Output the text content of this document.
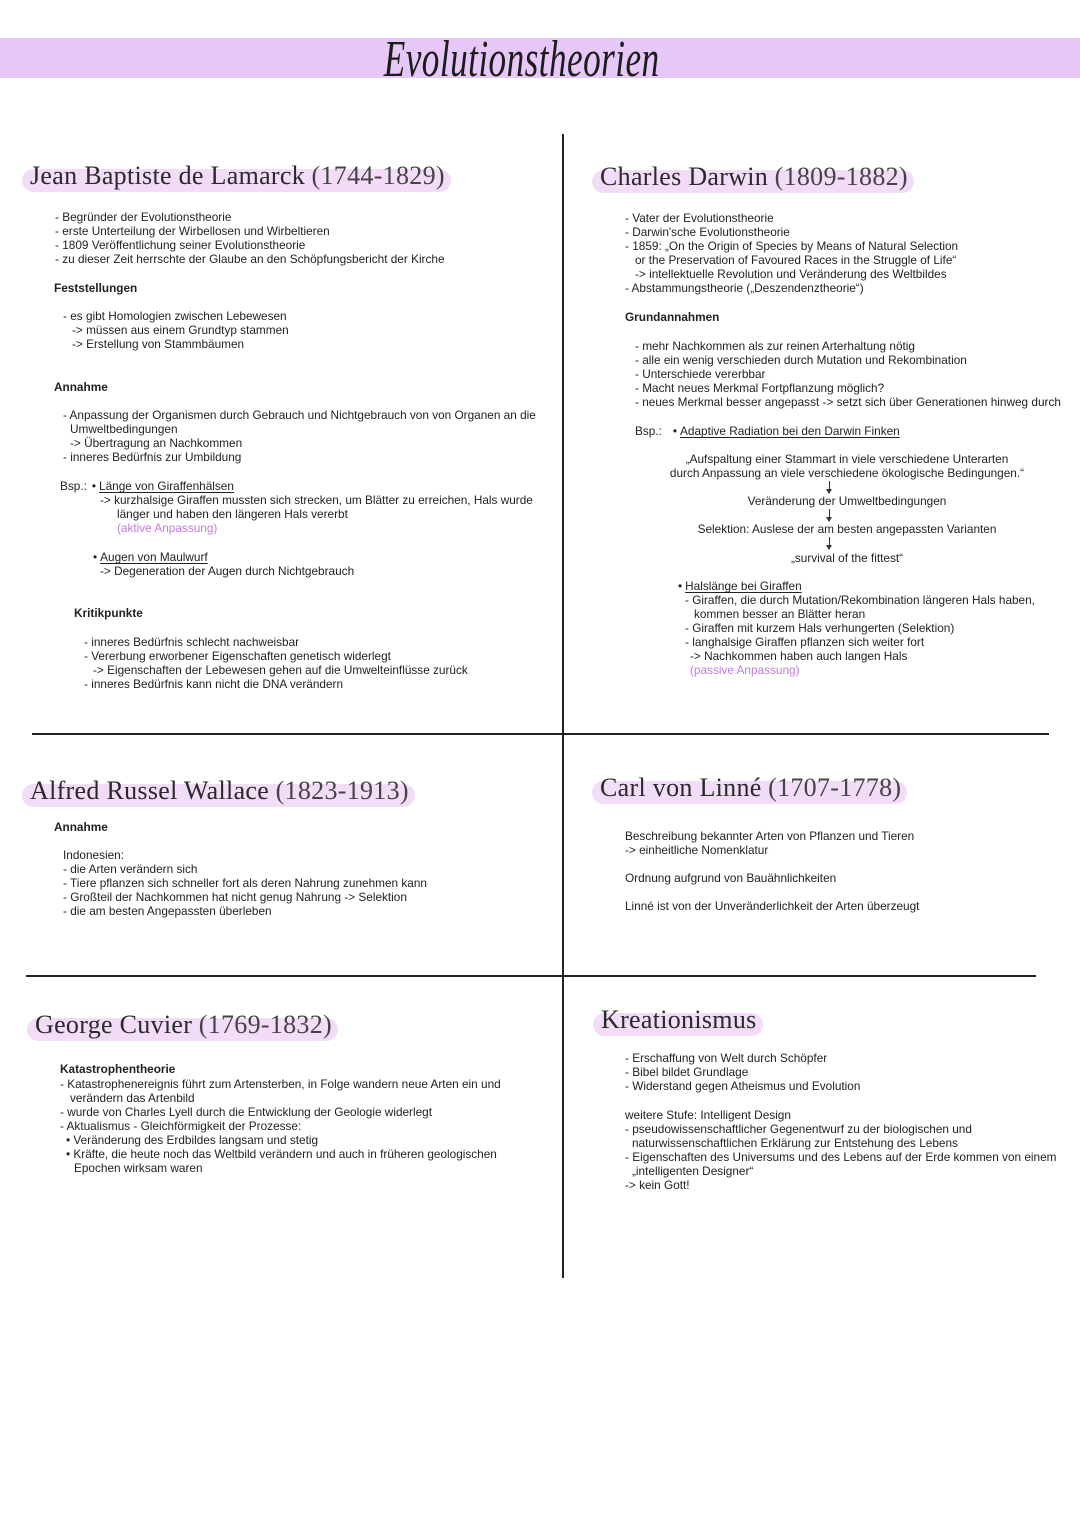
Evolutionstheorien
Jean Baptiste de Lamarck (1744-1829)
- Begründer der Evolutionstheorie
- erste Unterteilung der Wirbellosen und Wirbeltieren
- 1809 Veröffentlichung seiner Evolutionstheorie
- zu dieser Zeit herrschte der Glaube an den Schöpfungsbericht der Kirche
Feststellungen
- es gibt Homologien zwischen Lebewesen
-> müssen aus einem Grundtyp stammen
-> Erstellung von Stammbäumen
Annahme
- Anpassung der Organismen durch Gebrauch und Nichtgebrauch von von Organen an die
Umweltbedingungen
-> Übertragung an Nachkommen
- inneres Bedürfnis zur Umbildung
Bsp.: • Länge von Giraffenhälsen
-> kurzhalsige Giraffen mussten sich strecken, um Blätter zu erreichen, Hals wurde
länger und haben den längeren Hals vererbt
(aktive Anpassung)
• Augen von Maulwurf
-> Degeneration der Augen durch Nichtgebrauch
Kritikpunkte
- inneres Bedürfnis schlecht nachweisbar
- Vererbung erworbener Eigenschaften genetisch widerlegt
-> Eigenschaften der Lebewesen gehen auf die Umwelteinflüsse zurück
- inneres Bedürfnis kann nicht die DNA verändern
Charles Darwin (1809-1882)
- Vater der Evolutionstheorie
- Darwin'sche Evolutionstheorie
- 1859: „On the Origin of Species by Means of Natural Selection
or the Preservation of Favoured Races in the Struggle of Life“
-> intellektuelle Revolution und Veränderung des Weltbildes
- Abstammungstheorie („Deszendenztheorie“)
Grundannahmen
- mehr Nachkommen als zur reinen Arterhaltung nötig
- alle ein wenig verschieden durch Mutation und Rekombination
- Unterschiede vererbbar
- Macht neues Merkmal Fortpflanzung möglich?
- neues Merkmal besser angepasst -> setzt sich über Generationen hinweg durch
Bsp.: • Adaptive Radiation bei den Darwin Finken
„Aufspaltung einer Stammart in viele verschiedene Unterarten
durch Anpassung an viele verschiedene ökologische Bedingungen.“
Veränderung der Umweltbedingungen
Selektion: Auslese der am besten angepassten Varianten
„survival of the fittest“
• Halslänge bei Giraffen
- Giraffen, die durch Mutation/Rekombination längeren Hals haben,
kommen besser an Blätter heran
- Giraffen mit kurzem Hals verhungerten (Selektion)
- langhalsige Giraffen pflanzen sich weiter fort
-> Nachkommen haben auch langen Hals
(passive Anpassung)
Alfred Russel Wallace (1823-1913)
Annahme
Indonesien:
- die Arten verändern sich
- Tiere pflanzen sich schneller fort als deren Nahrung zunehmen kann
- Großteil der Nachkommen hat nicht genug Nahrung -> Selektion
- die am besten Angepassten überleben
Carl von Linné (1707-1778)
Beschreibung bekannter Arten von Pflanzen und Tieren
-> einheitliche Nomenklatur
Ordnung aufgrund von Bauähnlichkeiten
Linné ist von der Unveränderlichkeit der Arten überzeugt
George Cuvier (1769-1832)
Katastrophentheorie
- Katastrophenereignis führt zum Artensterben, in Folge wandern neue Arten ein und
verändern das Artenbild
- wurde von Charles Lyell durch die Entwicklung der Geologie widerlegt
- Aktualismus - Gleichförmigkeit der Prozesse:
• Veränderung des Erdbildes langsam und stetig
• Kräfte, die heute noch das Weltbild verändern und auch in früheren geologischen
Epochen wirksam waren
Kreationismus
- Erschaffung von Welt durch Schöpfer
- Bibel bildet Grundlage
- Widerstand gegen Atheismus und Evolution
weitere Stufe: Intelligent Design
- pseudowissenschaftlicher Gegenentwurf zu der biologischen und
naturwissenschaftlichen Erklärung zur Entstehung des Lebens
- Eigenschaften des Universums und des Lebens auf der Erde kommen von einem
„intelligenten Designer“
-> kein Gott!
